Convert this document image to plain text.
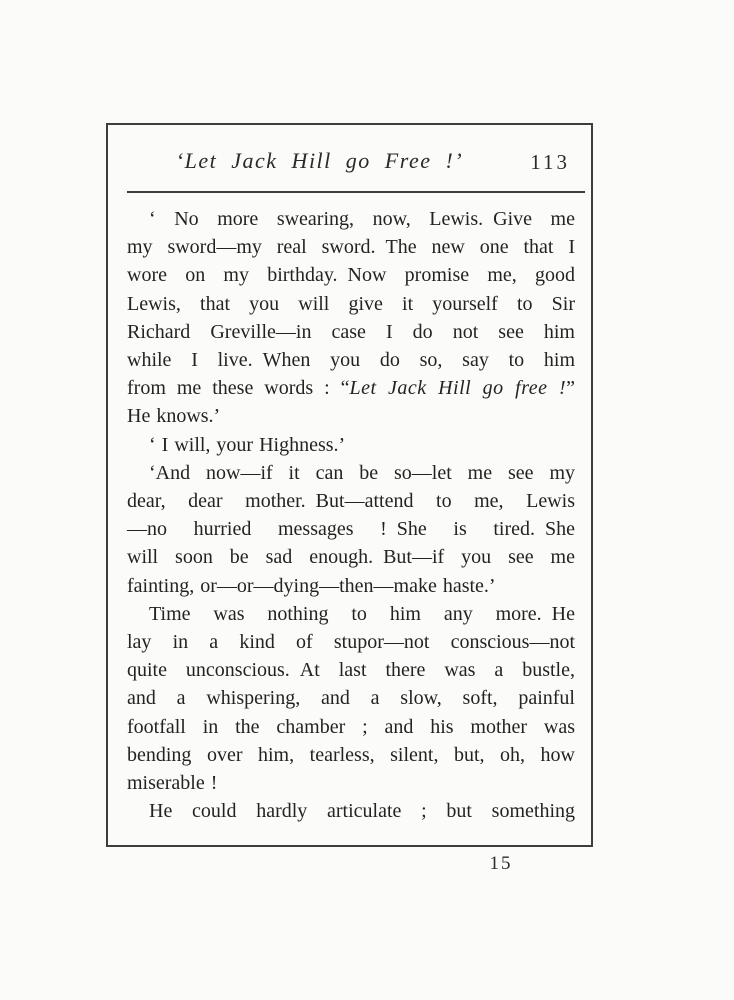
‘Let Jack Hill go Free !’	113
‘ No more swearing, now, Lewis. Give me
my sword—my real sword. The new one that I
wore on my birthday. Now promise me, good
Lewis, that you will give it yourself to Sir
Richard Greville—in case I do not see him
while I live. When you do so, say to him
from me these words : “Let Jack Hill go free !”
He knows.’
‘ I will, your Highness.’
‘And now—if it can be so—let me see my
dear, dear mother. But—attend to me, Lewis
—no hurried messages ! She is tired. She
will soon be sad enough. But—if you see me
fainting, or—or—dying—then—make haste.’
Time was nothing to him any more. He
lay in a kind of stupor—not conscious—not
quite unconscious. At last there was a bustle,
and a whispering, and a slow, soft, painful
footfall in the chamber ; and his mother was
bending over him, tearless, silent, but, oh, how
miserable !
He could hardly articulate ; but something
15
